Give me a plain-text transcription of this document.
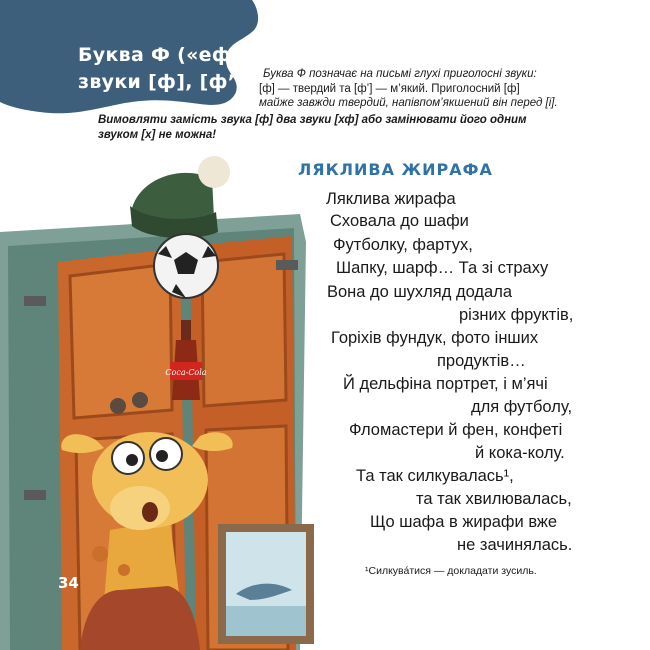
Буква Ф («еф»),
звуки [ф], [ф’]	Буква Ф позначає на письмі глухі приголосні звуки:
[ф] — твердий та [ф’] — м’який. Приголосний [ф]
майже завжди твердий, напівпом’якшений він перед [і].
Вимовляти замість звука [ф] два звуки [хф] або замінювати його одним
звуком [х] не можна!
Coca-Cola
34
ЛЯКЛИВА ЖИРАФА
Ляклива жирафа
Сховала до шафи
Футболку, фартух,
Шапку, шарф… Та зі страху
Вона до шухляд додала
різних фруктів,
Горіхів фундук, фото інших
продуктів…
Й дельфіна портрет, і м’ячі
для футболу,
Фломастери й фен, конфеті
й кока-колу.
Та так силкувалась¹,
та так хвилювалась,
Що шафа в жирафи вже
не зачинялась.
¹Силкува́тися — докладати зусиль.
